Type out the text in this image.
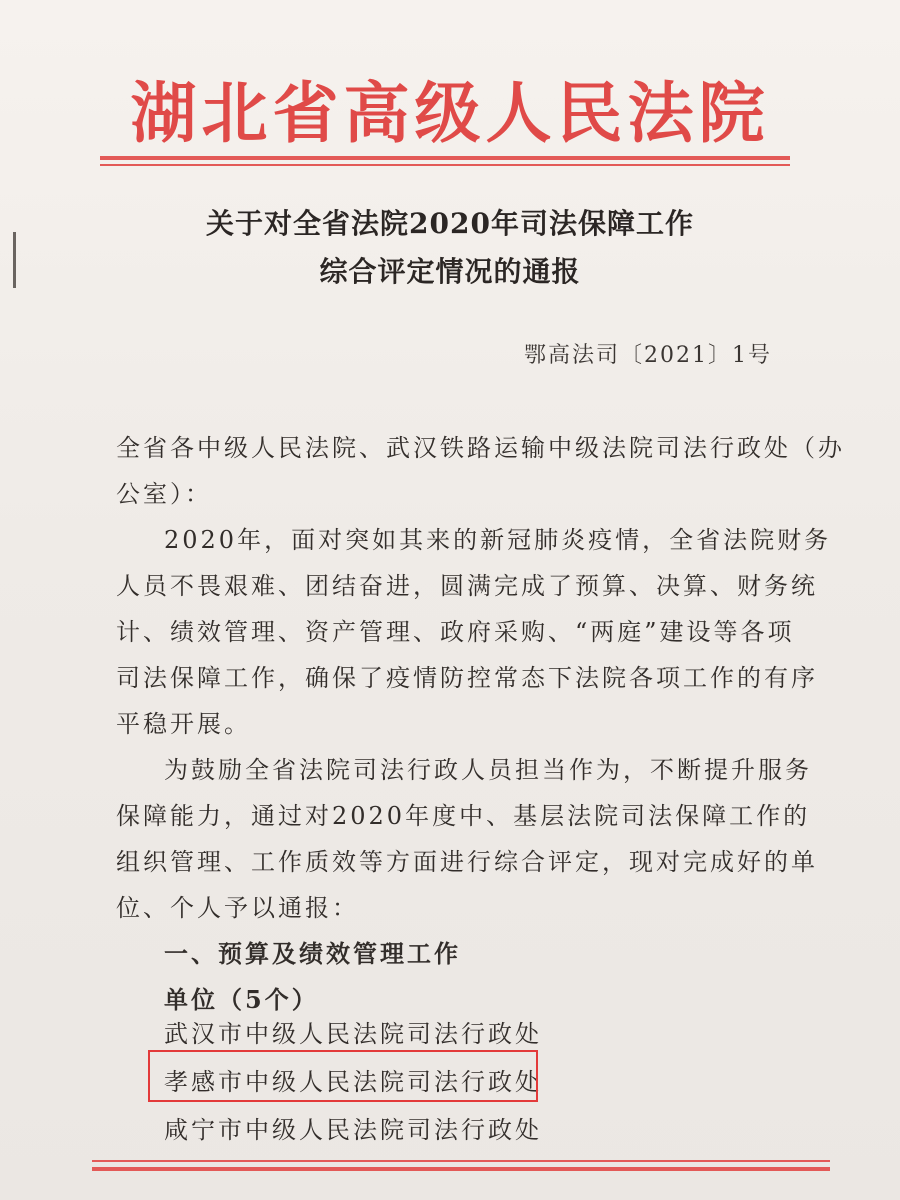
湖北省高级人民法院
关于对全省法院2020年司法保障工作
综合评定情况的通报
鄂高法司〔2021〕1号
全省各中级人民法院、武汉铁路运输中级法院司法行政处（办
公室）：
2020年，面对突如其来的新冠肺炎疫情，全省法院财务
人员不畏艰难、团结奋进，圆满完成了预算、决算、财务统
计、绩效管理、资产管理、政府采购、“两庭”建设等各项
司法保障工作，确保了疫情防控常态下法院各项工作的有序
平稳开展。
为鼓励全省法院司法行政人员担当作为，不断提升服务
保障能力，通过对2020年度中、基层法院司法保障工作的
组织管理、工作质效等方面进行综合评定，现对完成好的单
位、个人予以通报：
一、预算及绩效管理工作
单位（5个）
武汉市中级人民法院司法行政处
孝感市中级人民法院司法行政处
咸宁市中级人民法院司法行政处
